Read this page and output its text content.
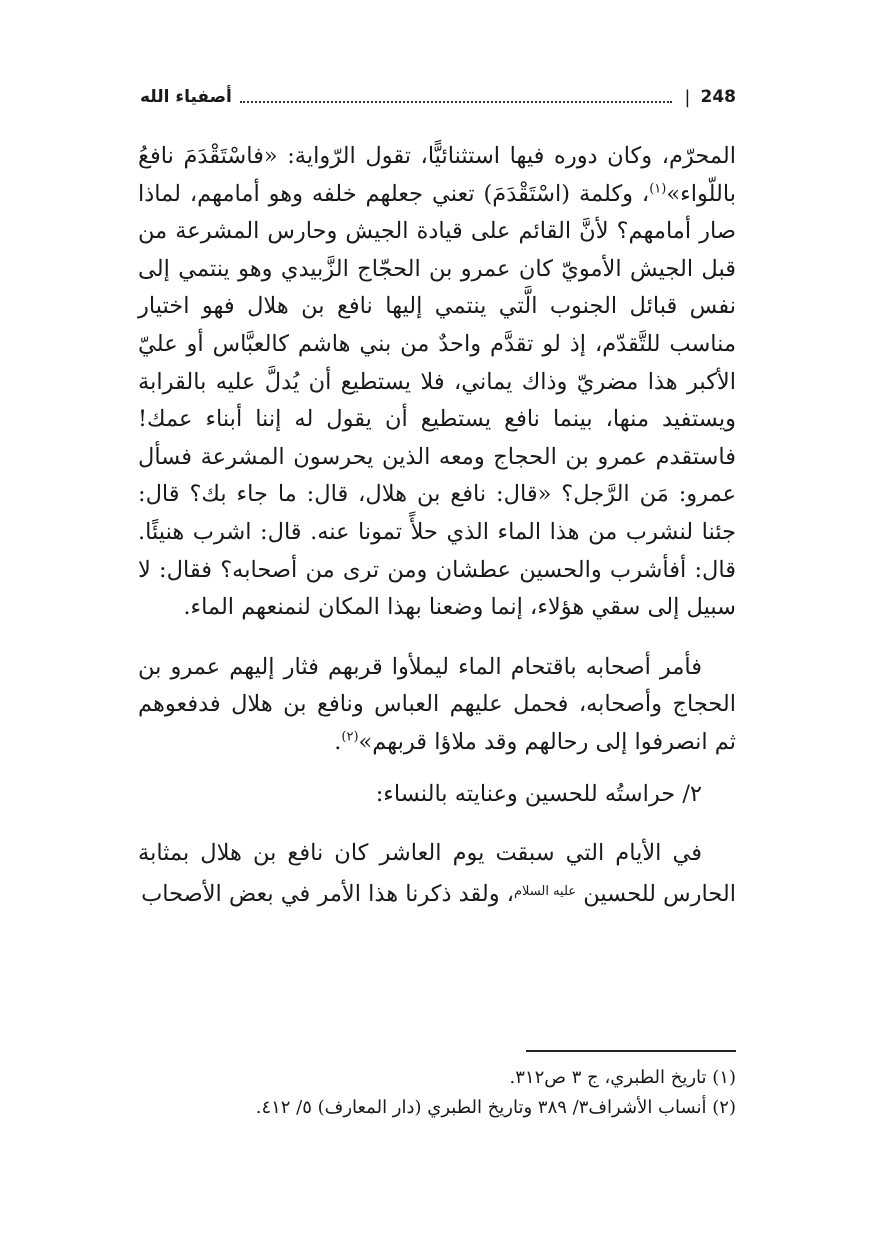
أصفياء الله	| 248

المحرّم، وكان دوره فيها استثنائيًّا، تقول الرّواية: «فاسْتَقْدَمَ نافعُ باللّواء»$^{(١)}$، وكلمة (اسْتَقْدَمَ) تعني جعلهم خلفه وهو أمامهم، لماذا صار أمامهم؟ لأنَّ القائم على قيادة الجيش وحارس المشرعة من قبل الجيش الأمويّ كان عمرو بن الحجّاج الزَّبيدي وهو ينتمي إلى نفس قبائل الجنوب الَّتي ينتمي إليها نافع بن هلال فهو اختيار مناسب للتَّقدّم، إذ لو تقدَّم واحدٌ من بني هاشم كالعبَّاس أو عليّ الأكبر هذا مضريّ وذاك يماني، فلا يستطيع أن يُدلَّ عليه بالقرابة ويستفيد منها، بينما نافع يستطيع أن يقول له إننا أبناء عمك! فاستقدم عمرو بن الحجاج ومعه الذين يحرسون المشرعة فسأل عمرو: مَن الرَّجل؟ «قال: نافع بن هلال، قال: ما جاء بك؟ قال: جئنا لنشرب من هذا الماء الذي حلأً تمونا عنه. قال: اشرب هنيئًا. قال: أفأشرب والحسين عطشان ومن ترى من أصحابه؟ فقال: لا سبيل إلى سقي هؤلاء، إنما وضعنا بهذا المكان لنمنعهم الماء.

فأمر أصحابه باقتحام الماء ليملأوا قربهم فثار إليهم عمرو بن الحجاج وأصحابه، فحمل عليهم العباس ونافع بن هلال فدفعوهم ثم انصرفوا إلى رحالهم وقد ملاؤا قربهم»$^{(٢)}$.

٢/ حراستُه للحسين وعنايته بالنساء:

في الأيام التي سبقت يوم العاشر كان نافع بن هلال بمثابة الحارس للحسين $^{عليه السلام}$، ولقد ذكرنا هذا الأمر في بعض الأصحاب

(١) تاريخ الطبري، ج ٣ ص٣١٢.

(٢) أنساب الأشراف٣/ ٣٨٩ وتاريخ الطبري (دار المعارف) ٥/ ٤١٢.
